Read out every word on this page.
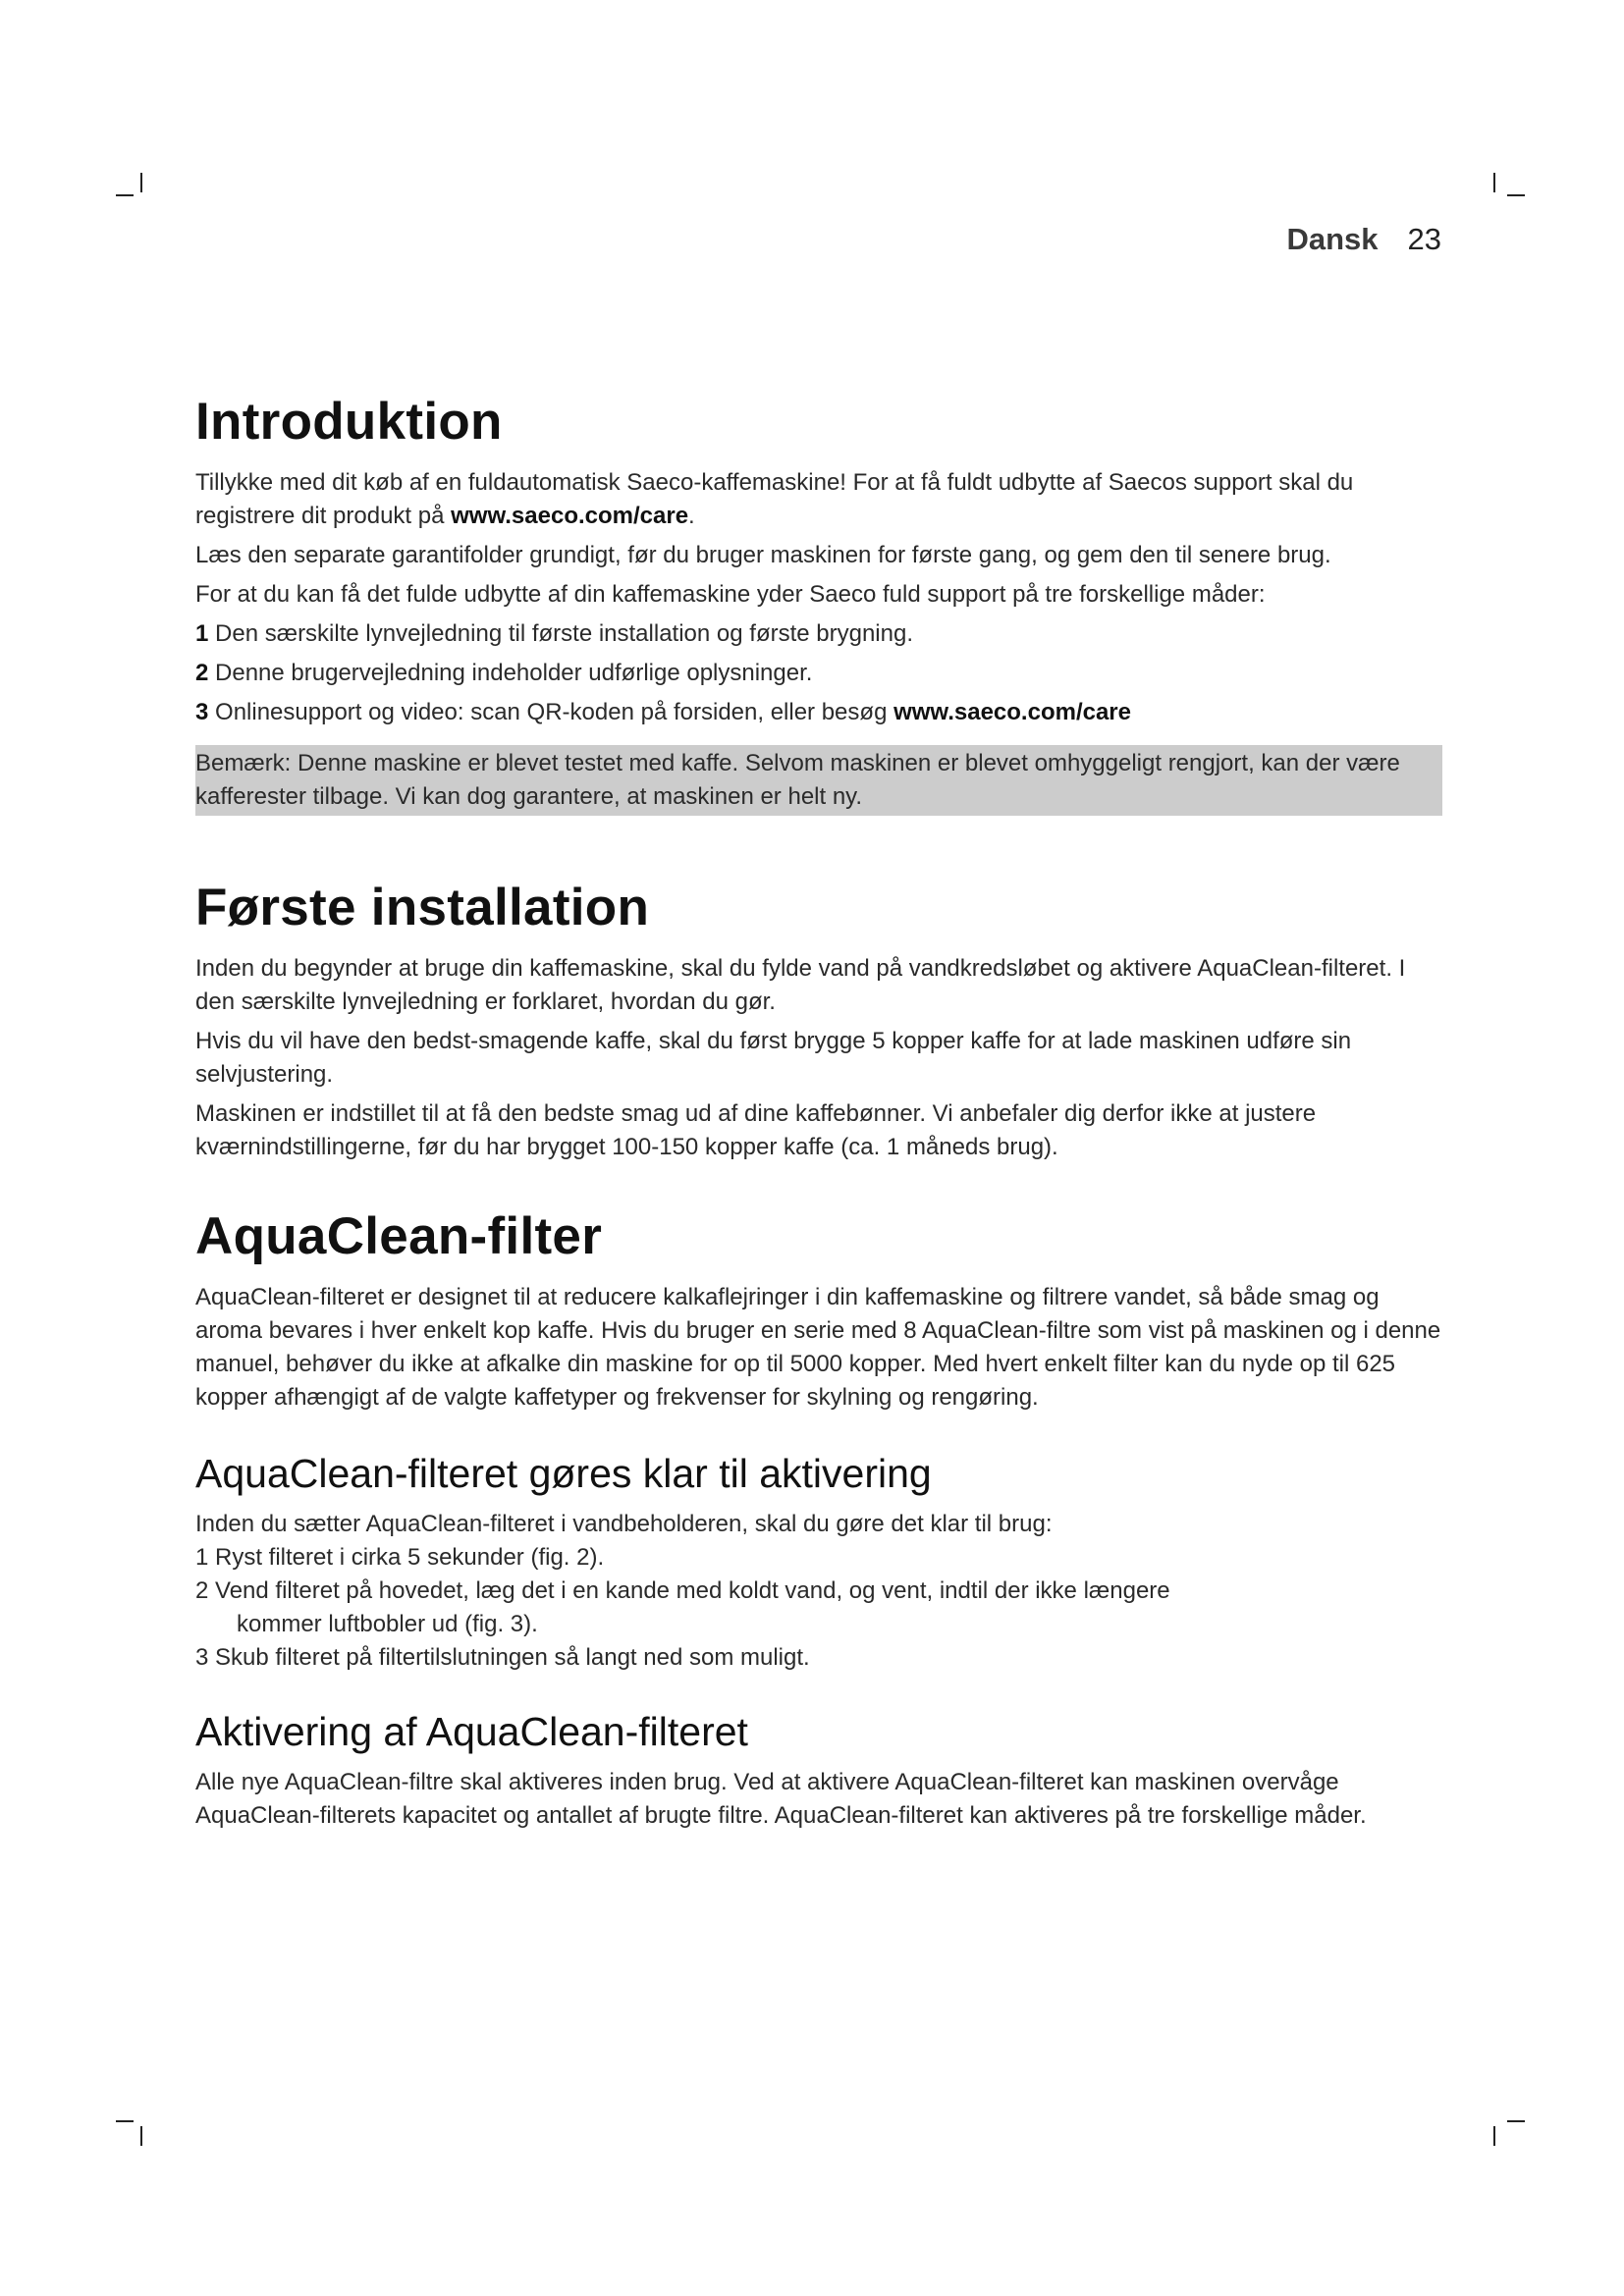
Dansk 23
Introduktion

Tillykke med dit køb af en fuldautomatisk Saeco-kaffemaskine! For at få fuldt udbytte af Saecos support skal du registrere dit produkt på www.saeco.com/care.

Læs den separate garantifolder grundigt, før du bruger maskinen for første gang, og gem den til senere brug.

For at du kan få det fulde udbytte af din kaffemaskine yder Saeco fuld support på tre forskellige måder:

1 Den særskilte lynvejledning til første installation og første brygning.

2 Denne brugervejledning indeholder udførlige oplysninger.

3 Onlinesupport og video: scan QR-koden på forsiden, eller besøg www.saeco.com/care

Bemærk: Denne maskine er blevet testet med kaffe. Selvom maskinen er blevet omhyggeligt rengjort, kan der være kafferester tilbage. Vi kan dog garantere, at maskinen er helt ny.

Første installation

Inden du begynder at bruge din kaffemaskine, skal du fylde vand på vandkredsløbet og aktivere AquaClean-filteret. I den særskilte lynvejledning er forklaret, hvordan du gør.

Hvis du vil have den bedst-smagende kaffe, skal du først brygge 5 kopper kaffe for at lade maskinen udføre sin selvjustering.

Maskinen er indstillet til at få den bedste smag ud af dine kaffebønner. Vi anbefaler dig derfor ikke at justere kværnindstillingerne, før du har brygget 100-150 kopper kaffe (ca. 1 måneds brug).

AquaClean-filter

AquaClean-filteret er designet til at reducere kalkaflejringer i din kaffemaskine og filtrere vandet, så både smag og aroma bevares i hver enkelt kop kaffe. Hvis du bruger en serie med 8 AquaClean-filtre som vist på maskinen og i denne manuel, behøver du ikke at afkalke din maskine for op til 5000 kopper. Med hvert enkelt filter kan du nyde op til 625 kopper afhængigt af de valgte kaffetyper og frekvenser for skylning og rengøring.

AquaClean-filteret gøres klar til aktivering

Inden du sætter AquaClean-filteret i vandbeholderen, skal du gøre det klar til brug:

1 Ryst filteret i cirka 5 sekunder (fig. 2).

2 Vend filteret på hovedet, læg det i en kande med koldt vand, og vent, indtil der ikke længere

kommer luftbobler ud (fig. 3).

3 Skub filteret på filtertilslutningen så langt ned som muligt.

Aktivering af AquaClean-filteret

Alle nye AquaClean-filtre skal aktiveres inden brug. Ved at aktivere AquaClean-filteret kan maskinen overvåge AquaClean-filterets kapacitet og antallet af brugte filtre. AquaClean-filteret kan aktiveres på tre forskellige måder.
